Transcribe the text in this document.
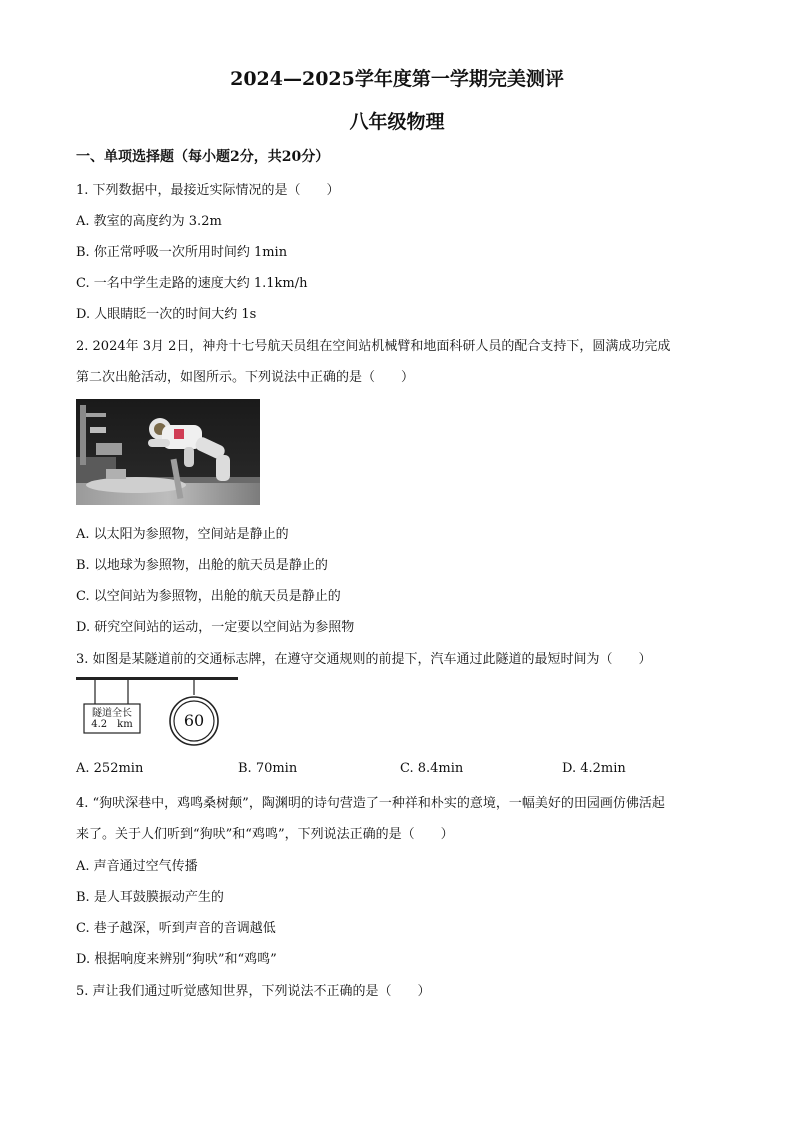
2024—2025学年度第一学期完美测评
八年级物理
一、单项选择题（每小题2分，共20分）
1. 下列数据中，最接近实际情况的是（　　）
A. 教室的高度约为 3.2m
B. 你正常呼吸一次所用时间约 1min
C. 一名中学生走路的速度大约 1.1km/h
D. 人眼睛眨一次的时间大约 1s
2. 2024年 3月 2日，神舟十七号航天员组在空间站机械臂和地面科研人员的配合支持下，圆满成功完成
第二次出舱活动，如图所示。下列说法中正确的是（　　）
A. 以太阳为参照物，空间站是静止的
B. 以地球为参照物，出舱的航天员是静止的
C. 以空间站为参照物，出舱的航天员是静止的
D. 研究空间站的运动，一定要以空间站为参照物
3. 如图是某隧道前的交通标志牌，在遵守交通规则的前提下，汽车通过此隧道的最短时间为（　　）
隧道全长
4.2　km	60
A. 252min	B. 70min	C. 8.4min	D. 4.2min
4. “狗吠深巷中，鸡鸣桑树颠”，陶渊明的诗句营造了一种祥和朴实的意境，一幅美好的田园画仿佛活起
来了。关于人们听到“狗吠”和“鸡鸣”，下列说法正确的是（　　）
A. 声音通过空气传播
B. 是人耳鼓膜振动产生的
C. 巷子越深，听到声音的音调越低
D. 根据响度来辨别“狗吠”和“鸡鸣”
5. 声让我们通过听觉感知世界，下列说法不正确的是（　　）
